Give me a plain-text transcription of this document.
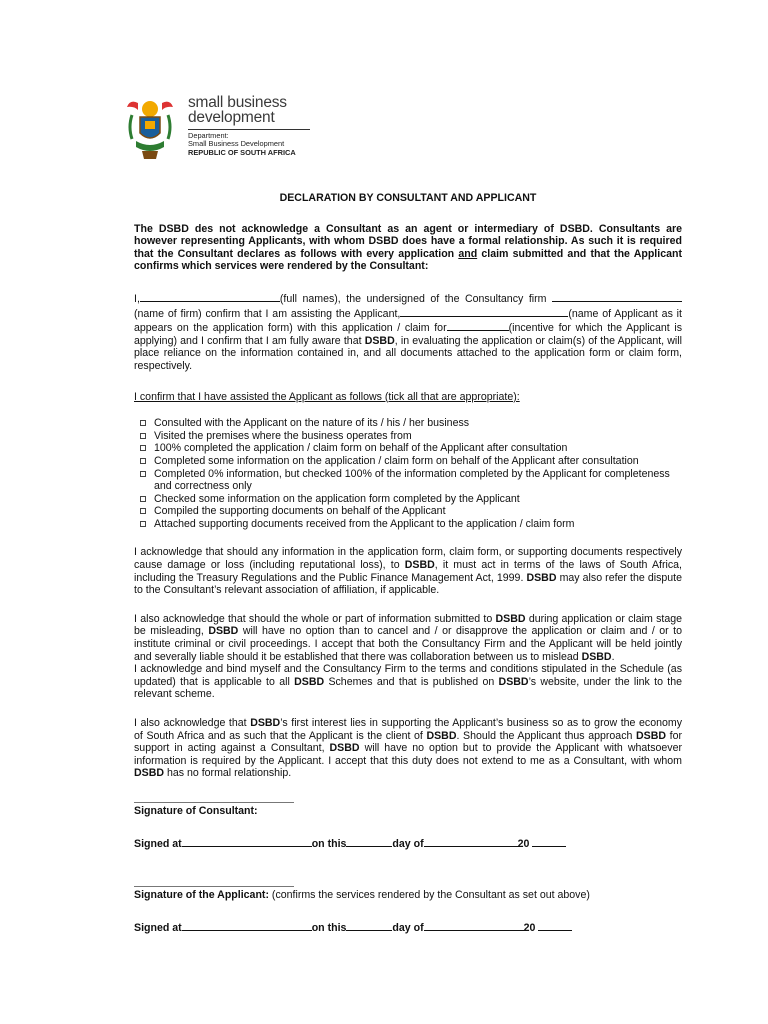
small business
development
Department:
Small Business Development
REPUBLIC OF SOUTH AFRICA
DECLARATION BY CONSULTANT AND APPLICANT

The DSBD des not acknowledge a Consultant as an agent or intermediary of DSBD. Consultants are however representing Applicants, with whom DSBD does have a formal relationship. As such it is required that the Consultant declares as follows with every application and claim submitted and that the Applicant confirms which services were rendered by the Consultant:

I,	(full names), the undersigned of the Consultancy firm  (name of firm) confirm that I am assisting the Applicant,	(name of Applicant as it appears on the application form) with this application / claim for	(incentive for which the Applicant is applying) and I confirm that I am fully aware that DSBD, in evaluating the application or claim(s) of the Applicant, will place reliance on the information contained in, and all documents attached to the application form or claim form, respectively.

I confirm that I have assisted the Applicant as follows (tick all that are appropriate):

Consulted with the Applicant on the nature of its / his / her business
Visited the premises where the business operates from
100% completed the application / claim form on behalf of the Applicant after consultation
Completed some information on the application / claim form on behalf of the Applicant after consultation
Completed 0% information, but checked 100% of the information completed by the Applicant for completeness and correctness only
Checked some information on the application form completed by the Applicant
Compiled the supporting documents on behalf of the Applicant
Attached supporting documents received from the Applicant to the application / claim form

I acknowledge that should any information in the application form, claim form, or supporting documents respectively cause damage or loss (including reputational loss), to DSBD, it must act in terms of the laws of South Africa, including the Treasury Regulations and the Public Finance Management Act, 1999. DSBD may also refer the dispute to the Consultant’s relevant association of affiliation, if applicable.

I also acknowledge that should the whole or part of information submitted to DSBD during application or claim stage be misleading, DSBD will have no option than to cancel and / or disapprove the application or claim and / or to institute criminal or civil proceedings. I accept that both the Consultancy Firm and the Applicant will be held jointly and severally liable should it be established that there was collaboration between us to mislead DSBD.

I acknowledge and bind myself and the Consultancy Firm to the terms and conditions stipulated in the Schedule (as updated) that is applicable to all DSBD Schemes and that is published on DSBD’s website, under the link to the relevant scheme.

I also acknowledge that DSBD’s first interest lies in supporting the Applicant’s business so as to grow the economy of South Africa and as such that the Applicant is the client of DSBD. Should the Applicant thus approach DSBD for support in acting against a Consultant, DSBD will have no option but to provide the Applicant with whatsoever information is required by the Applicant. I accept that this duty does not extend to me as a Consultant, with whom DSBD has no formal relationship.

Signature of Consultant:
Signed at	on this	day of	20
Signature of the Applicant: (confirms the services rendered by the Consultant as set out above)
Signed at	on this	day of	20
